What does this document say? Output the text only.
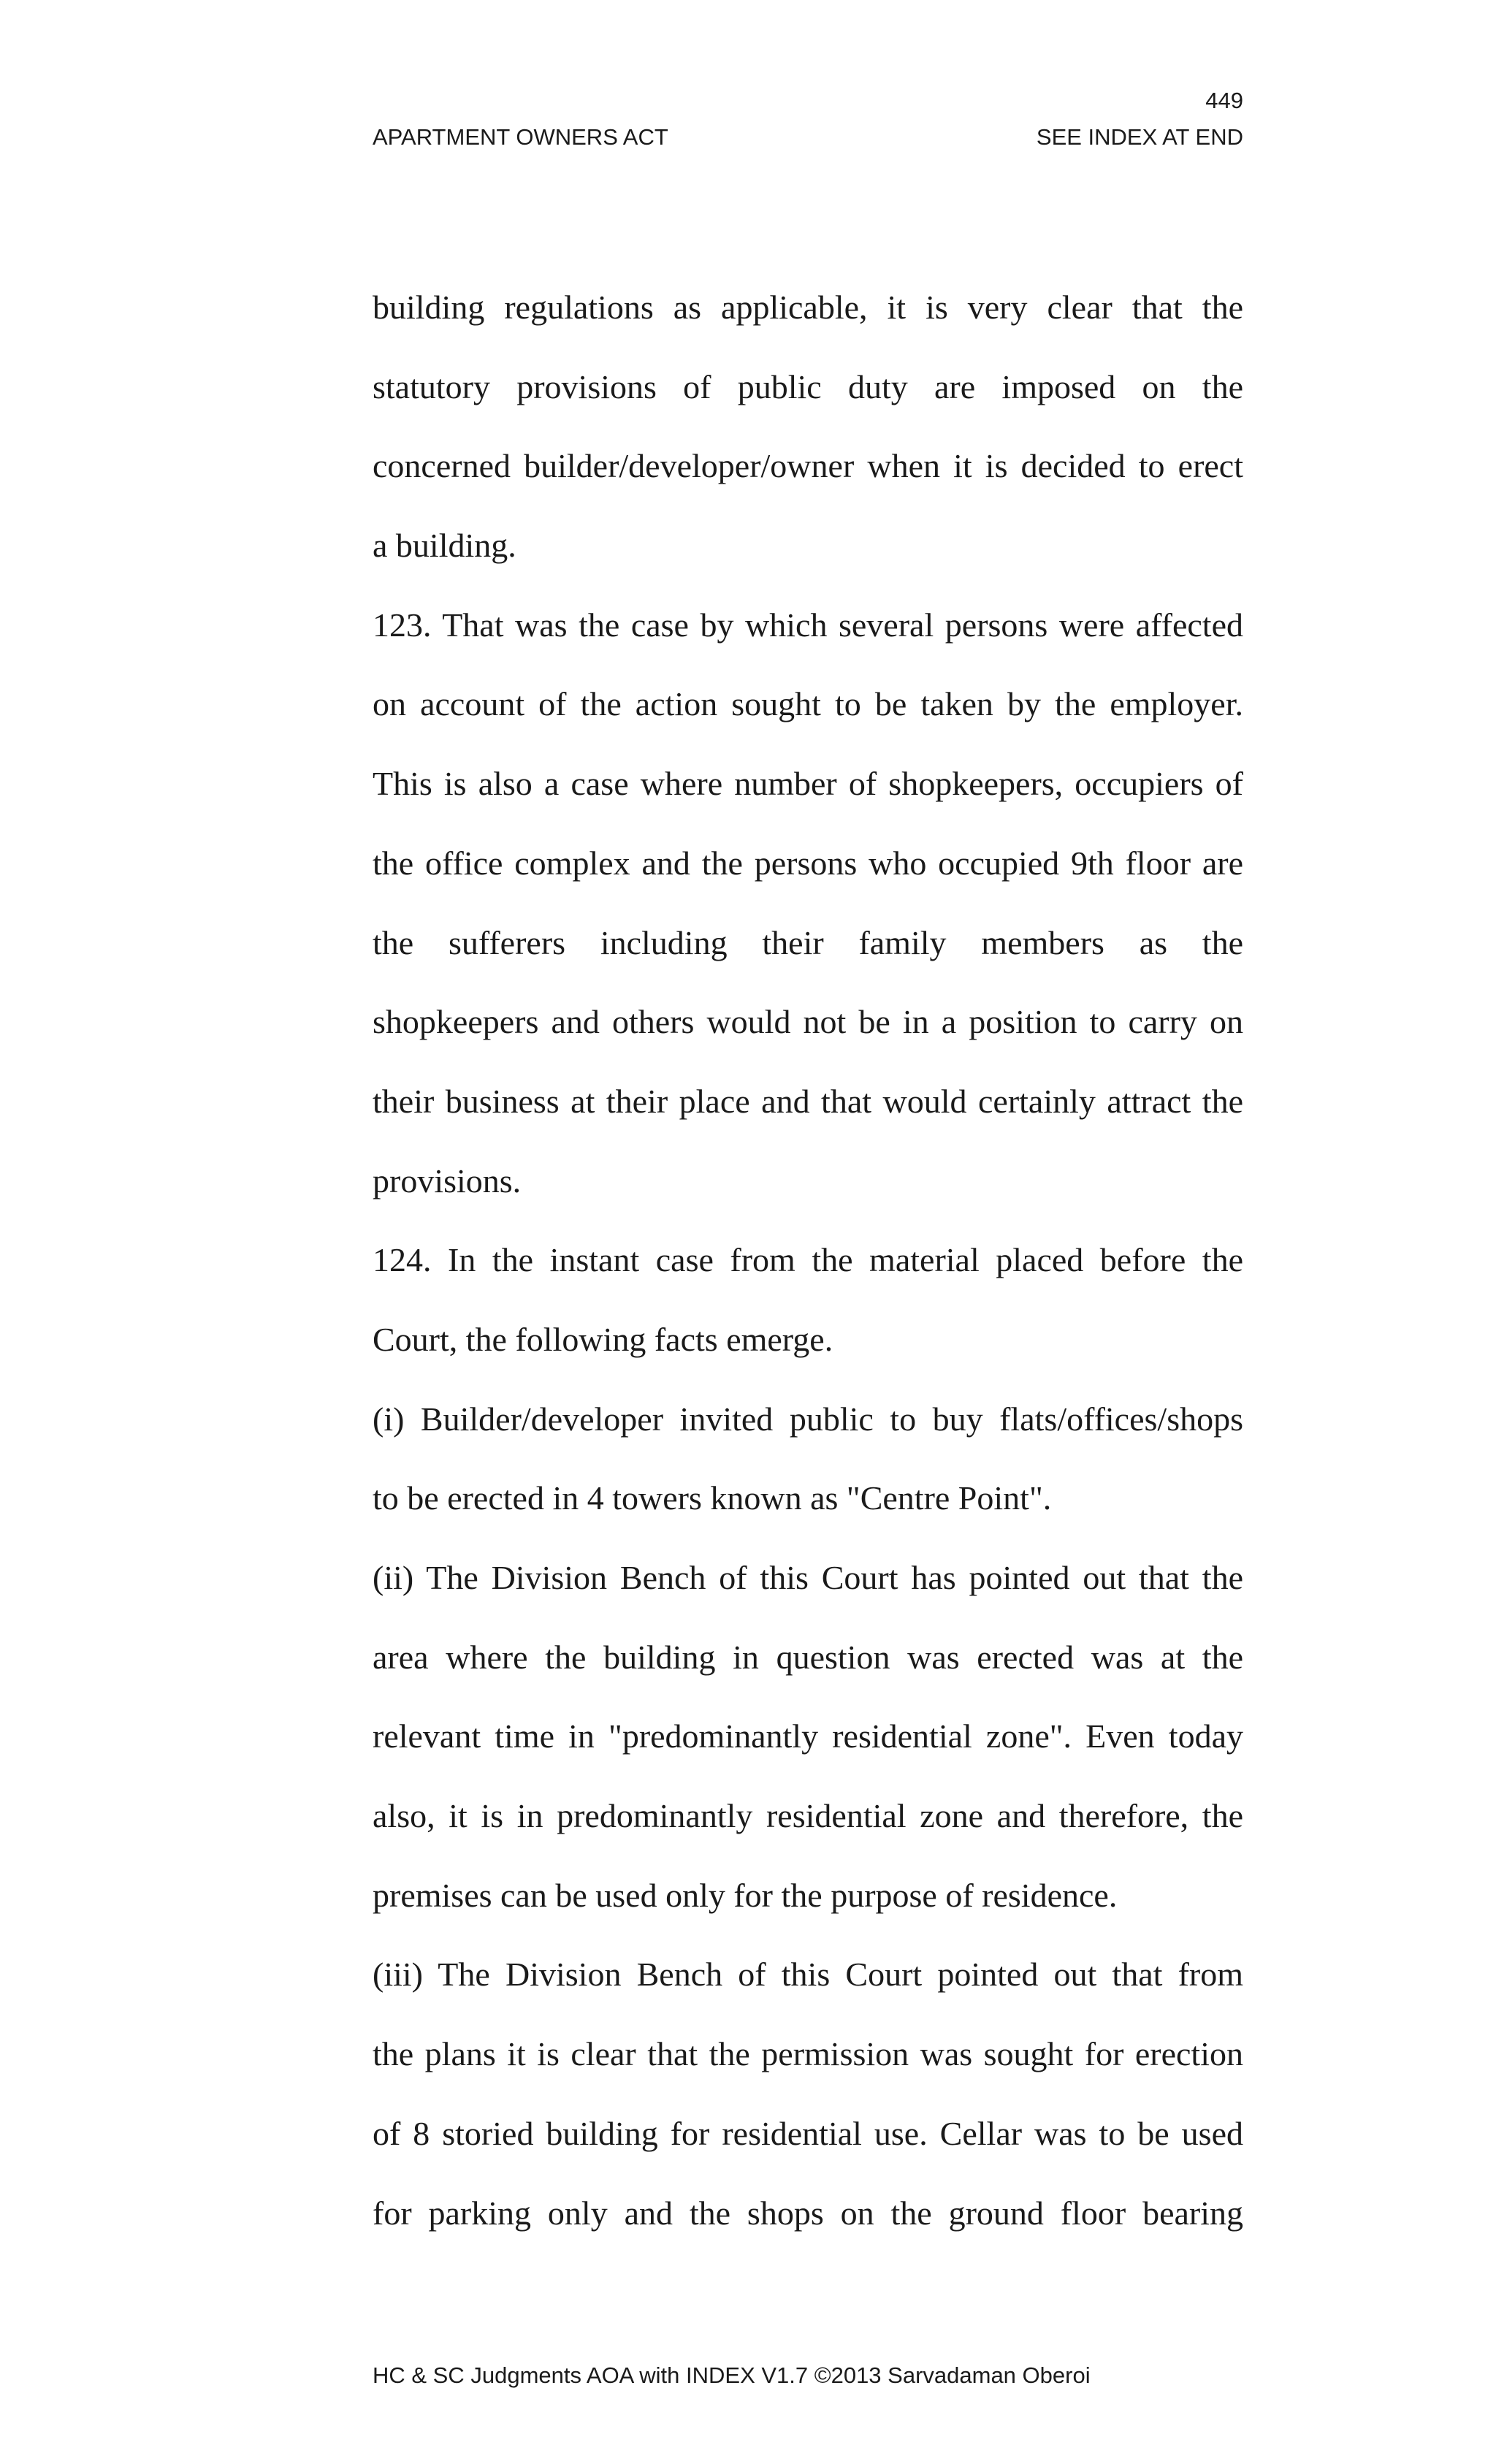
449
APARTMENT OWNERS ACT	SEE INDEX AT END
building regulations as applicable, it is very clear that the
statutory provisions of public duty are imposed on the
concerned builder/developer/owner when it is decided to erect
a building.
123. That was the case by which several persons were affected
on account of the action sought to be taken by the employer.
This is also a case where number of shopkeepers, occupiers of
the office complex and the persons who occupied 9th floor are
the sufferers including their family members as the
shopkeepers and others would not be in a position to carry on
their business at their place and that would certainly attract the
provisions.
124. In the instant case from the material placed before the
Court, the following facts emerge.
(i) Builder/developer invited public to buy flats/offices/shops
to be erected in 4 towers known as "Centre Point".
(ii) The Division Bench of this Court has pointed out that the
area where the building in question was erected was at the
relevant time in "predominantly residential zone". Even today
also, it is in predominantly residential zone and therefore, the
premises can be used only for the purpose of residence.
(iii) The Division Bench of this Court pointed out that from
the plans it is clear that the permission was sought for erection
of 8 storied building for residential use. Cellar was to be used
for parking only and the shops on the ground floor bearing
HC & SC Judgments AOA with INDEX V1.7 ©2013 Sarvadaman Oberoi
